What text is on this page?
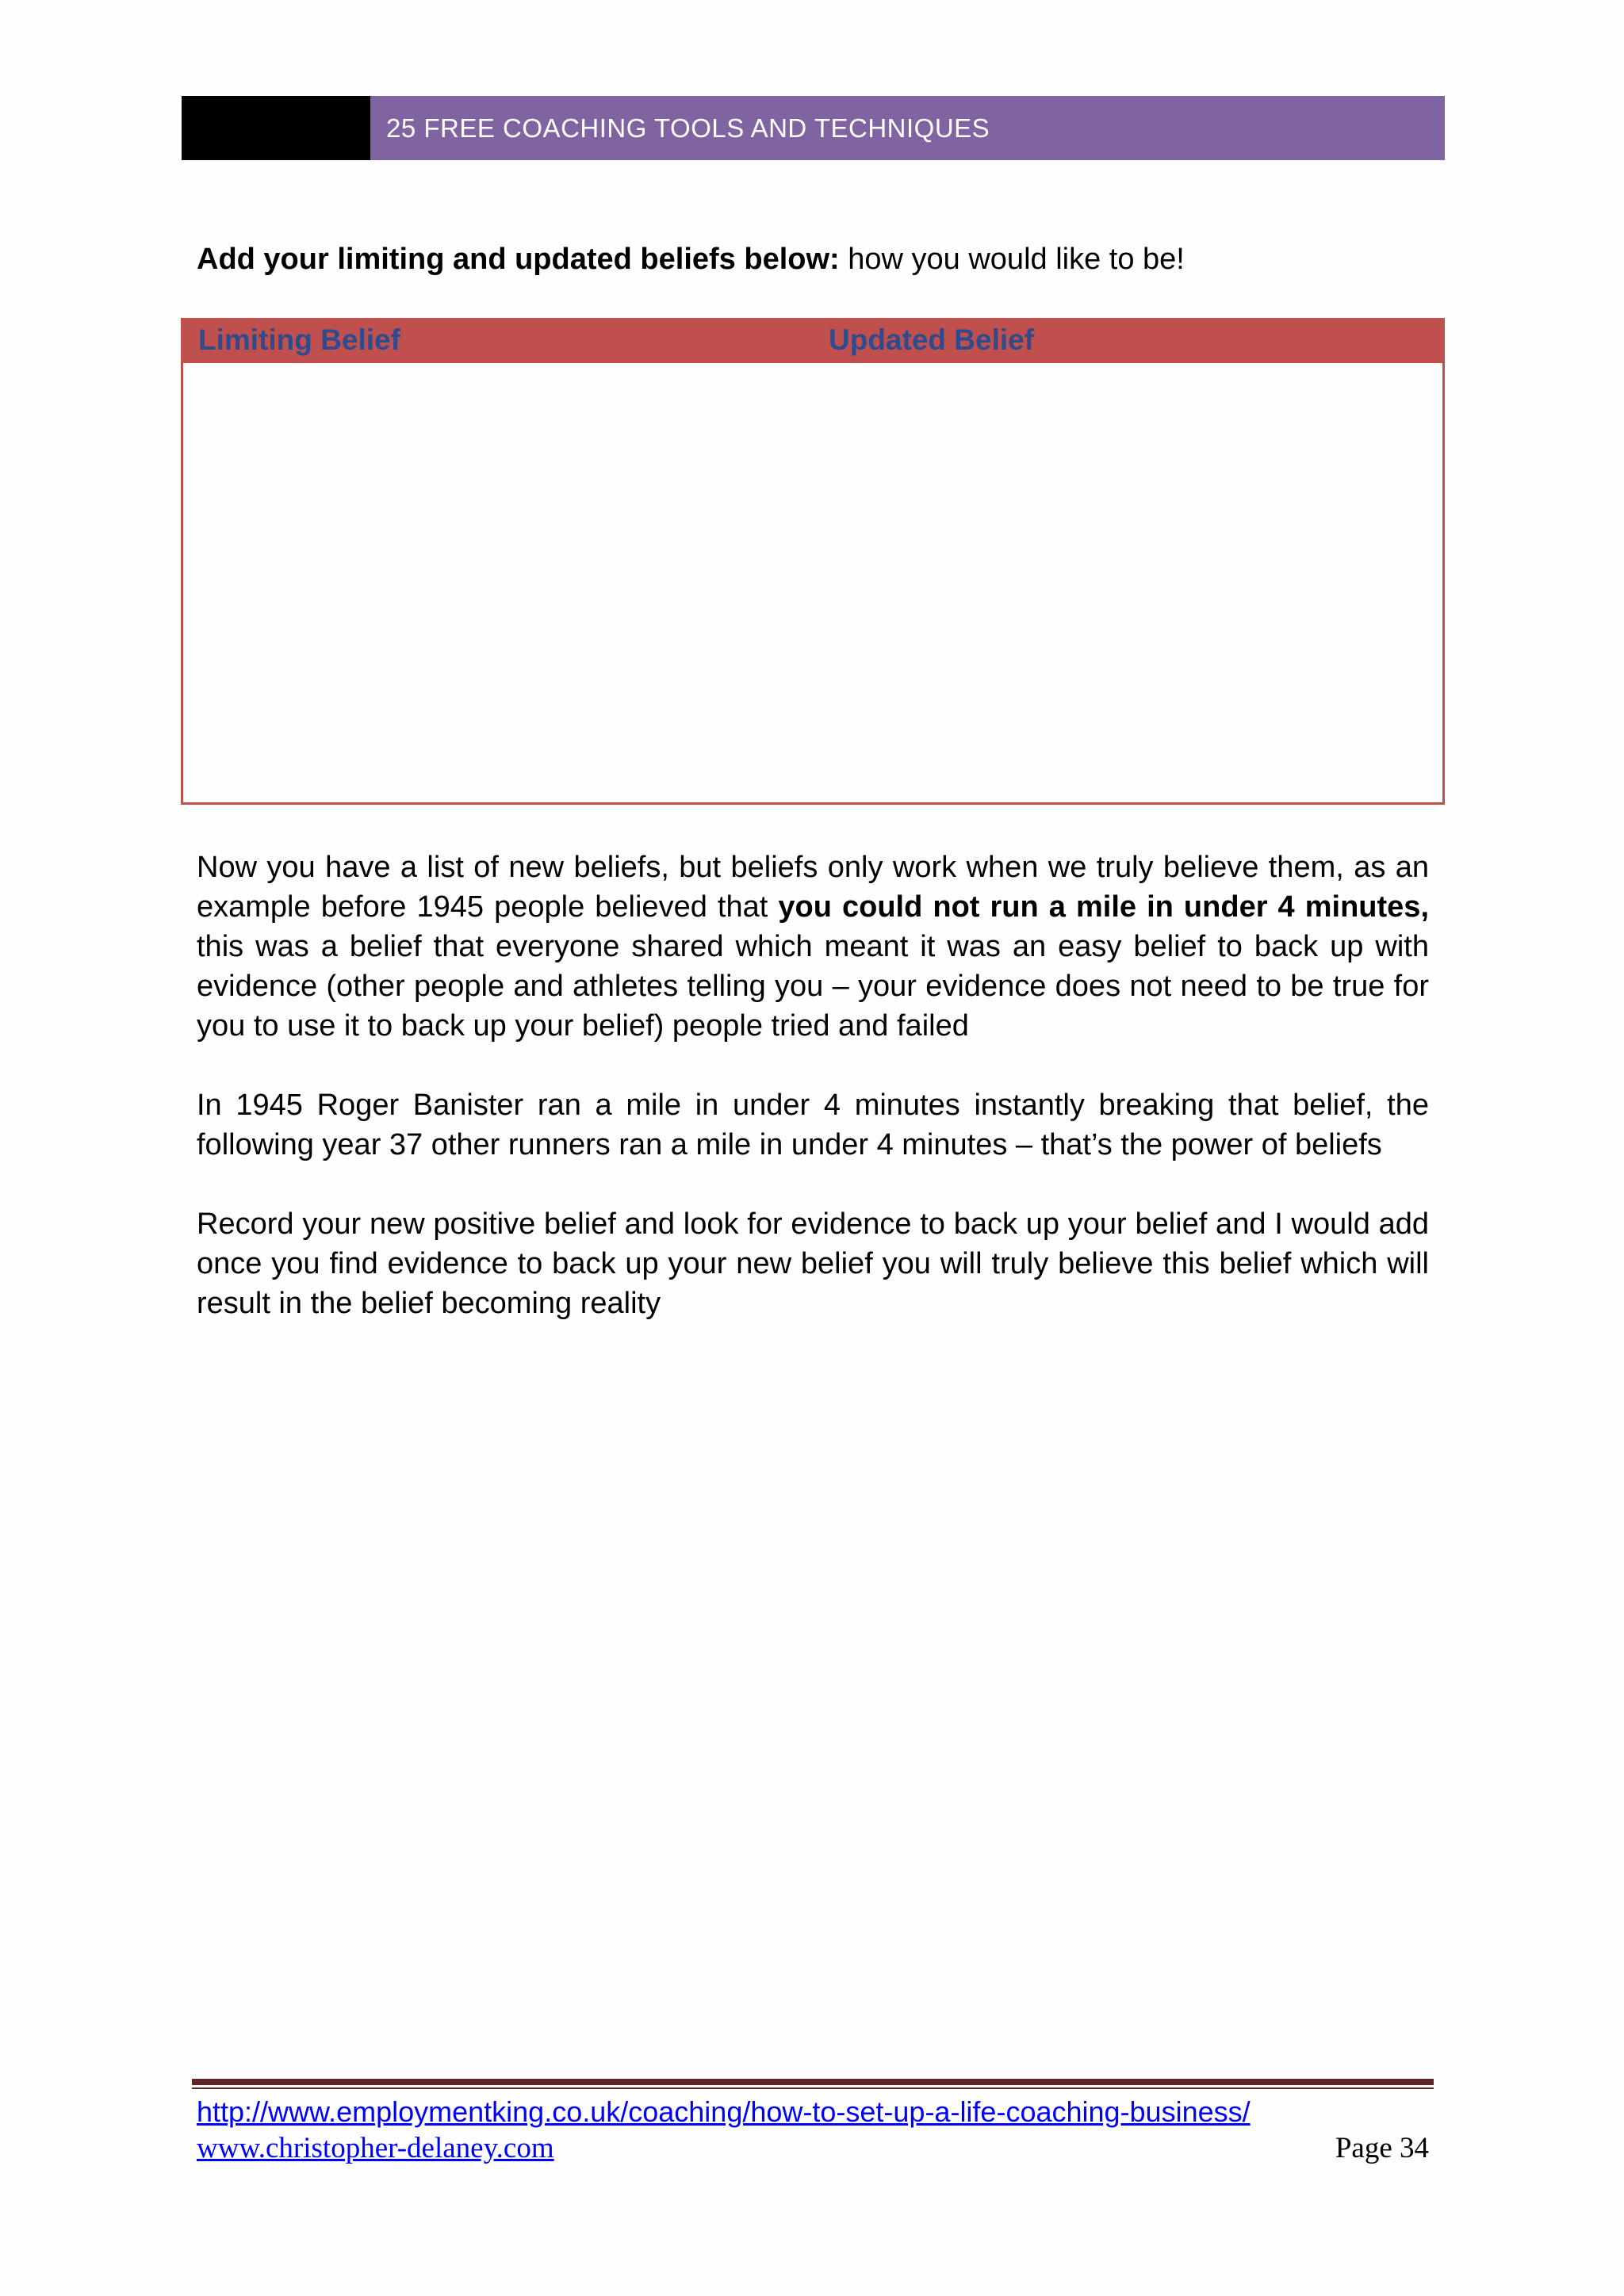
25 FREE COACHING TOOLS AND TECHNIQUES

Add your limiting and updated beliefs below: how you would like to be!

Limiting Belief	Updated Belief

Now you have a list of new beliefs, but beliefs only work when we truly believe them, as an example before 1945 people believed that you could not run a mile in under 4 minutes, this was a belief that everyone shared which meant it was an easy belief to back up with evidence (other people and athletes telling you – your evidence does not need to be true for you to use it to back up your belief) people tried and failed

In 1945 Roger Banister ran a mile in under 4 minutes instantly breaking that belief, the following year 37 other runners ran a mile in under 4 minutes – that’s the power of beliefs

Record your new positive belief and look for evidence to back up your belief and I would add once you find evidence to back up your new belief you will truly believe this belief which will result in the belief becoming reality

http://www.employmentking.co.uk/coaching/how-to-set-up-a-life-coaching-business/
www.christopher-delaney.com	Page 34
